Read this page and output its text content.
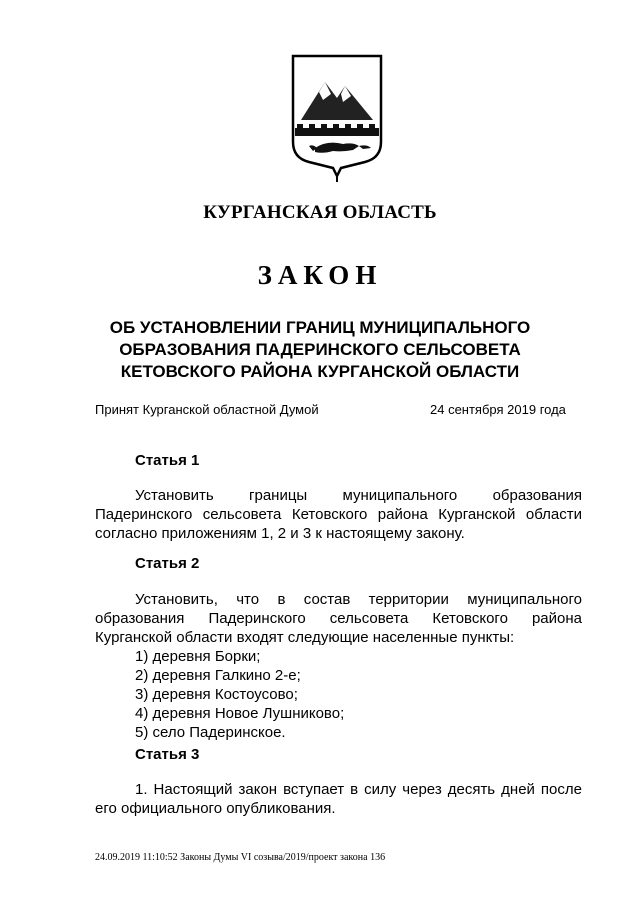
КУРГАНСКАЯ ОБЛАСТЬ
ЗАКОН
ОБ УСТАНОВЛЕНИИ ГРАНИЦ МУНИЦИПАЛЬНОГО
ОБРАЗОВАНИЯ ПАДЕРИНСКОГО СЕЛЬСОВЕТА
КЕТОВСКОГО РАЙОНА КУРГАНСКОЙ ОБЛАСТИ
Принят Курганской областной Думой	24 сентября 2019 года
Статья 1
Установить границы муниципального образования
Падеринского сельсовета Кетовского района Курганской области
согласно приложениям 1, 2 и 3 к настоящему закону.
Статья 2
Установить, что в состав территории муниципального
образования Падеринского сельсовета Кетовского района
Курганской области входят следующие населенные пункты:
1) деревня Борки;
2) деревня Галкино 2-е;
3) деревня Костоусово;
4) деревня Новое Лушниково;
5) село Падеринское.
Статья 3
1. Настоящий закон вступает в силу через десять дней после
его официального опубликования.
24.09.2019 11:10:52 Законы Думы VI созыва/2019/проект закона 136
